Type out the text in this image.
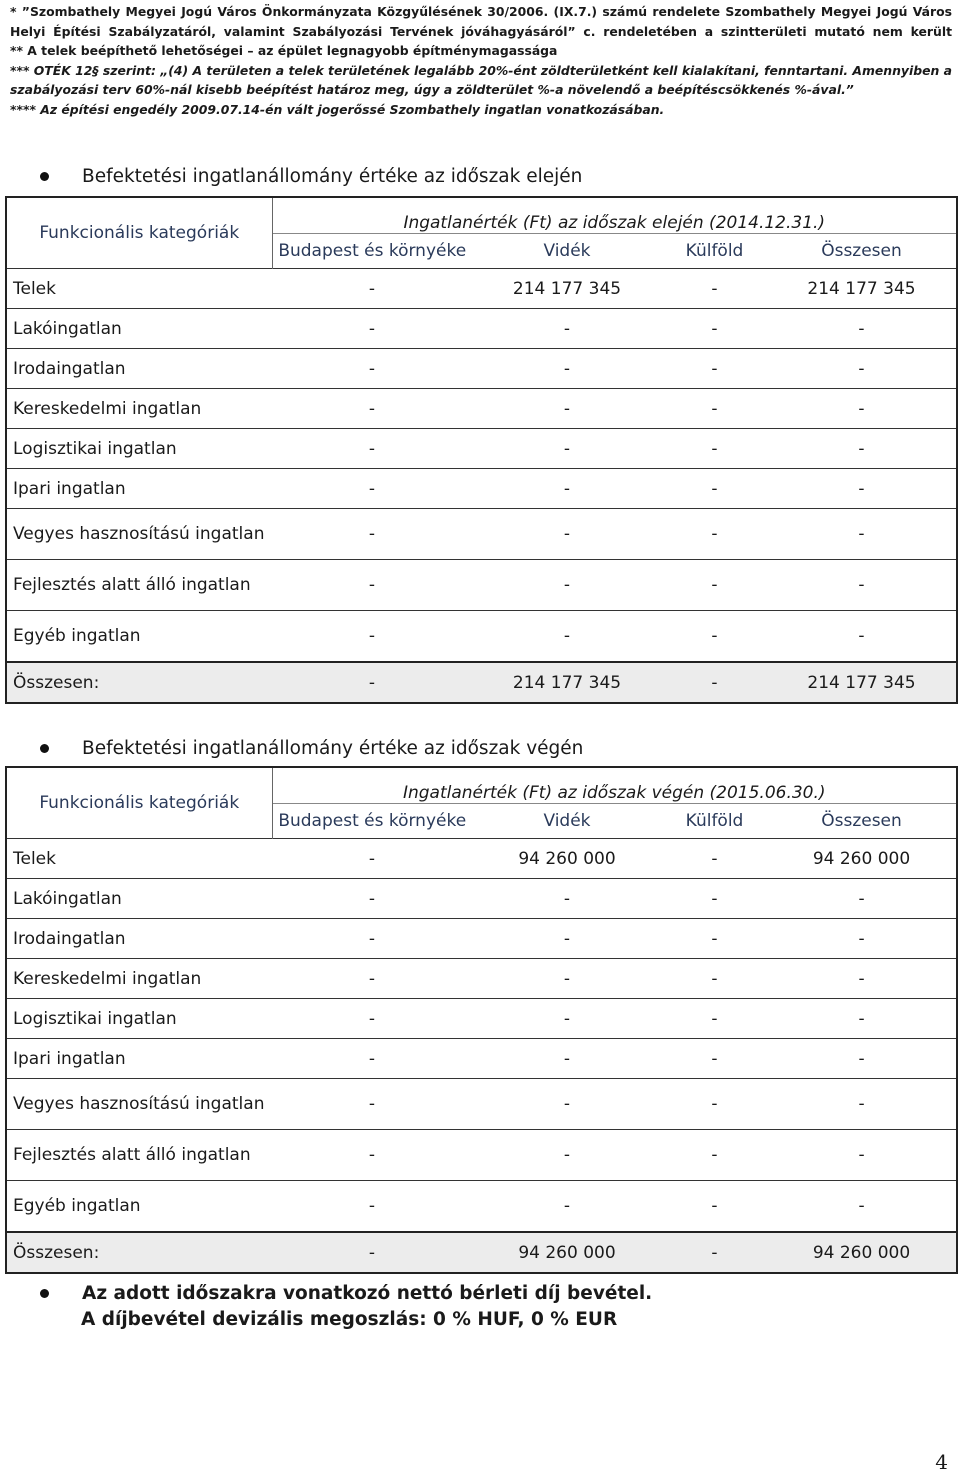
* ”Szombathely Megyei Jogú Város Önkormányzata Közgyűlésének 30/2006. (IX.7.) számú rendelete Szombathely Megyei Jogú Város Helyi Építési Szabályzatáról, valamint Szabályozási Tervének jóváhagyásáról” c. rendeletében a szintterületi mutató nem került

** A telek beépíthető lehetőségei – az épület legnagyobb építménymagassága

*** OTÉK 12§ szerint: „(4) A területen a telek területének legalább 20%-ént zöldterületként kell kialakítani, fenntartani. Amennyiben a szabályozási terv 60%-nál kisebb beépítést határoz meg, úgy a zöldterület %-a növelendő a beépítéscsökkenés %-ával.”

**** Az építési engedély 2009.07.14-én vált jogerőssé Szombathely ingatlan vonatkozásában.

Befektetési ingatlanállomány értéke az időszak elején
Funkcionális kategóriák	Ingatlanérték (Ft) az időszak elején (2014.12.31.)			
	Budapest és környéke	Vidék	Külföld	Összesen
Telek	-	214 177 345	-	214 177 345
Lakóingatlan	-	-	-	-
Irodaingatlan	-	-	-	-
Kereskedelmi ingatlan	-	-	-	-
Logisztikai ingatlan	-	-	-	-
Ipari ingatlan	-	-	-	-
Vegyes hasznosítású ingatlan	-	-	-	-
Fejlesztés alatt álló ingatlan	-	-	-	-
Egyéb ingatlan	-	-	-	-
Összesen:	-	214 177 345	-	214 177 345
Befektetési ingatlanállomány értéke az időszak végén
Funkcionális kategóriák	Ingatlanérték (Ft) az időszak végén (2015.06.30.)			
	Budapest és környéke	Vidék	Külföld	Összesen
Telek	-	94 260 000	-	94 260 000
Lakóingatlan	-	-	-	-
Irodaingatlan	-	-	-	-
Kereskedelmi ingatlan	-	-	-	-
Logisztikai ingatlan	-	-	-	-
Ipari ingatlan	-	-	-	-
Vegyes hasznosítású ingatlan	-	-	-	-
Fejlesztés alatt álló ingatlan	-	-	-	-
Egyéb ingatlan	-	-	-	-
Összesen:	-	94 260 000	-	94 260 000
Az adott időszakra vonatkozó nettó bérleti díj bevétel.
A díjbevétel devizális megoszlás: 0 % HUF, 0 % EUR
4
